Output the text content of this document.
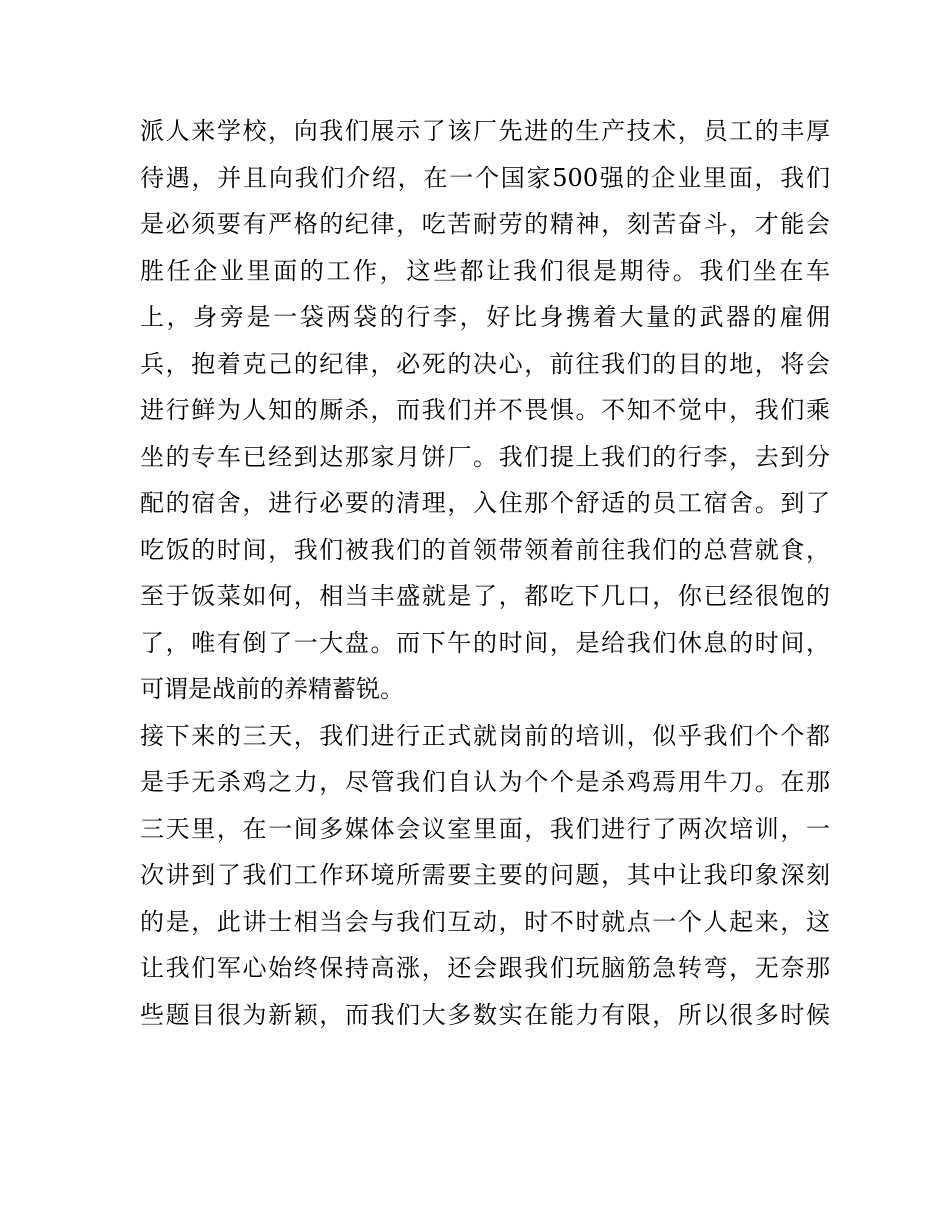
派人来学校，向我们展示了该厂先进的生产技术，员工的丰厚
待遇，并且向我们介绍，在一个国家500强的企业里面，我们
是必须要有严格的纪律，吃苦耐劳的精神，刻苦奋斗，才能会
胜任企业里面的工作，这些都让我们很是期待。我们坐在车
上，身旁是一袋两袋的行李，好比身携着大量的武器的雇佣
兵，抱着克己的纪律，必死的决心，前往我们的目的地，将会
进行鲜为人知的厮杀，而我们并不畏惧。不知不觉中，我们乘
坐的专车已经到达那家月饼厂。我们提上我们的行李，去到分
配的宿舍，进行必要的清理，入住那个舒适的员工宿舍。到了
吃饭的时间，我们被我们的首领带领着前往我们的总营就食，
至于饭菜如何，相当丰盛就是了，都吃下几口，你已经很饱的
了，唯有倒了一大盘。而下午的时间，是给我们休息的时间，
可谓是战前的养精蓄锐。
接下来的三天，我们进行正式就岗前的培训，似乎我们个个都
是手无杀鸡之力，尽管我们自认为个个是杀鸡焉用牛刀。在那
三天里，在一间多媒体会议室里面，我们进行了两次培训，一
次讲到了我们工作环境所需要主要的问题，其中让我印象深刻
的是，此讲士相当会与我们互动，时不时就点一个人起来，这
让我们军心始终保持高涨，还会跟我们玩脑筋急转弯，无奈那
些题目很为新颖，而我们大多数实在能力有限，所以很多时候
